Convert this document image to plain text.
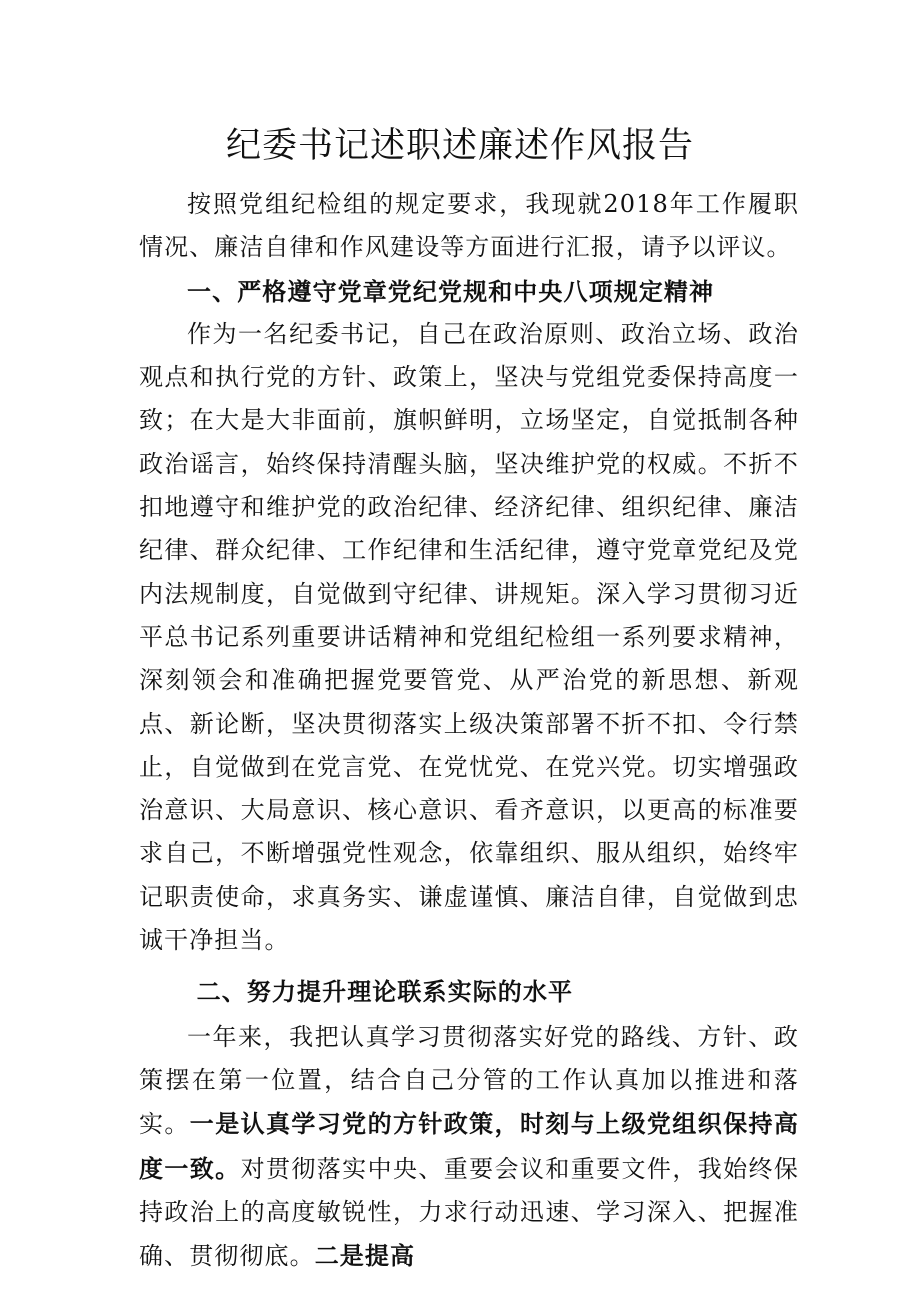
纪委书记述职述廉述作风报告

按照党组纪检组的规定要求，我现就2018年工作履职情况、廉洁自律和作风建设等方面进行汇报，请予以评议。

一、严格遵守党章党纪党规和中央八项规定精神

作为一名纪委书记，自己在政治原则、政治立场、政治观点和执行党的方针、政策上，坚决与党组党委保持高度一致；在大是大非面前，旗帜鲜明，立场坚定，自觉抵制各种政治谣言，始终保持清醒头脑，坚决维护党的权威。不折不扣地遵守和维护党的政治纪律、经济纪律、组织纪律、廉洁纪律、群众纪律、工作纪律和生活纪律，遵守党章党纪及党内法规制度，自觉做到守纪律、讲规矩。深入学习贯彻习近平总书记系列重要讲话精神和党组纪检组一系列要求精神，深刻领会和准确把握党要管党、从严治党的新思想、新观点、新论断，坚决贯彻落实上级决策部署不折不扣、令行禁止，自觉做到在党言党、在党忧党、在党兴党。切实增强政治意识、大局意识、核心意识、看齐意识，以更高的标准要求自己，不断增强党性观念，依靠组织、服从组织，始终牢记职责使命，求真务实、谦虚谨慎、廉洁自律，自觉做到忠诚干净担当。

二、努力提升理论联系实际的水平

一年来，我把认真学习贯彻落实好党的路线、方针、政策摆在第一位置，结合自己分管的工作认真加以推进和落实。一是认真学习党的方针政策，时刻与上级党组织保持高度一致。对贯彻落实中央、重要会议和重要文件，我始终保持政治上的高度敏锐性，力求行动迅速、学习深入、把握准确、贯彻彻底。二是提高
